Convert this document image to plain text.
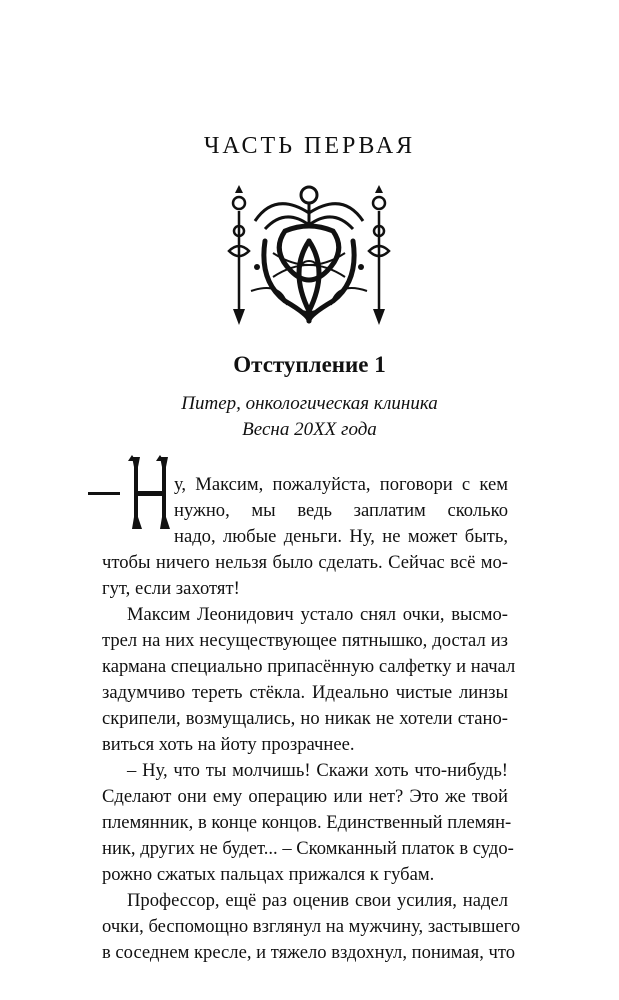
ЧАСТЬ ПЕРВАЯ
Отступление 1

Питер, онкологическая клиника

Весна 20XX года

у, Максим, пожалуйста, поговори с кем

нужно, мы ведь заплатим сколько

надо, любые деньги. Ну, не может быть,

чтобы ничего нельзя было сделать. Сейчас всё мо-

гут, если захотят!

Максим Леонидович устало снял очки, высмо-

трел на них несуществующее пятнышко, достал из

кармана специально припасённую салфетку и начал

задумчиво тереть стёкла. Идеально чистые линзы

скрипели, возмущались, но никак не хотели стано-

виться хоть на йоту прозрачнее.

– Ну, что ты молчишь! Скажи хоть что-нибудь!

Сделают они ему операцию или нет? Это же твой

племянник, в конце концов. Единственный племян-

ник, других не будет... – Скомканный платок в судо-

рожно сжатых пальцах прижался к губам.

Профессор, ещё раз оценив свои усилия, надел

очки, беспомощно взглянул на мужчину, застывшего

в соседнем кресле, и тяжело вздохнул, понимая, что
